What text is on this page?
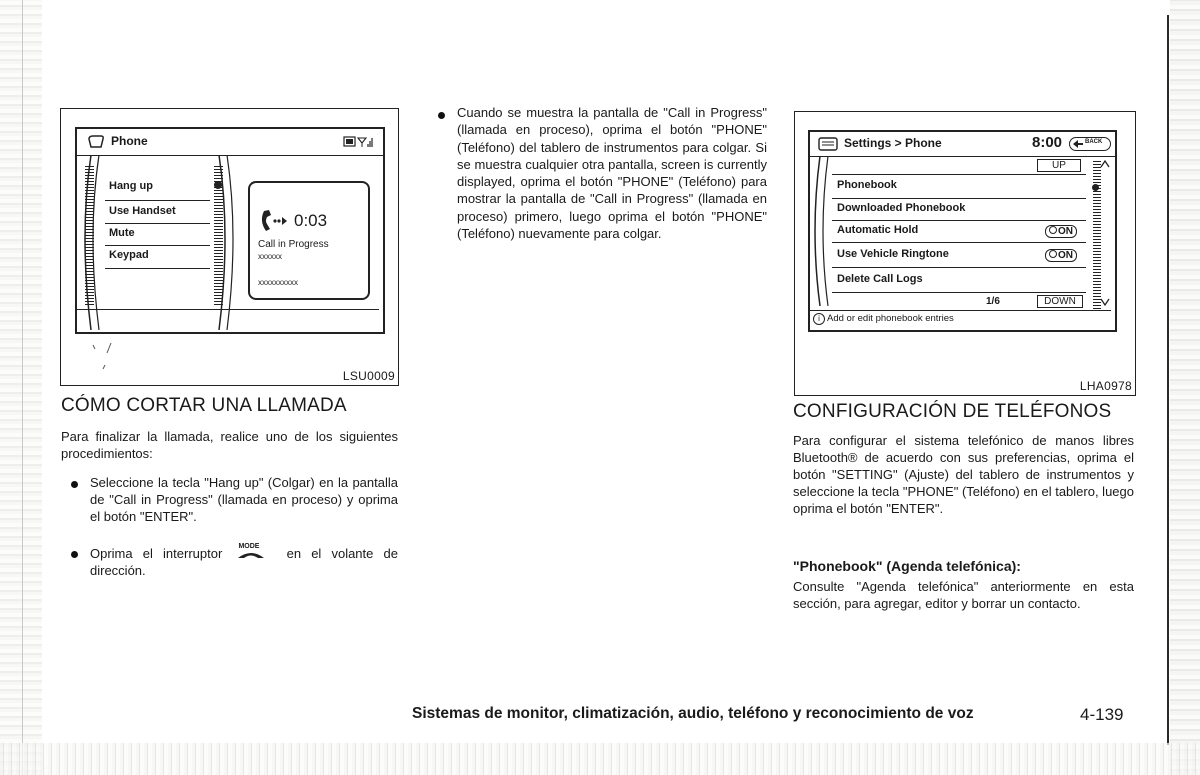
Phone
Hang up
Use Handset
Mute
Keypad
0:03
Call in Progress
xxxxxx
xxxxxxxxxx
LSU0009
CÓMO CORTAR UNA LLAMADA
Para finalizar la llamada, realice uno de los siguientes procedimientos:
Seleccione la tecla "Hang up" (Colgar) en la pantalla de "Call in Progress" (llamada en proceso) y oprima el botón "ENTER".
Oprima el interruptor MODE en el volante de dirección.
Cuando se muestra la pantalla de "Call in Progress" (llamada en proceso), oprima el botón "PHONE" (Teléfono) del tablero de instrumentos para colgar. Si se muestra cualquier otra pantalla, screen is currently displayed, oprima el botón "PHONE" (Teléfono) para mostrar la pantalla de "Call in Progress" (llamada en proceso) primero, luego oprima el botón "PHONE" (Teléfono) nuevamente para colgar.
Settings > Phone	8:00	BACK
UP
Phonebook
Downloaded Phonebook
Automatic Hold	ON
Use Vehicle Ringtone	ON
Delete Call Logs
1/6	DOWN
i Add or edit phonebook entries
LHA0978
CONFIGURACIÓN DE TELÉFONOS
Para configurar el sistema telefónico de manos libres Bluetooth® de acuerdo con sus preferencias, oprima el botón "SETTING" (Ajuste) del tablero de instrumentos y seleccione la tecla "PHONE" (Teléfono) en el tablero, luego oprima el botón "ENTER".
"Phonebook" (Agenda telefónica):
Consulte "Agenda telefónica" anteriormente en esta sección, para agregar, editor y borrar un contacto.
Sistemas de monitor, climatización, audio, teléfono y reconocimiento de voz	4-139
